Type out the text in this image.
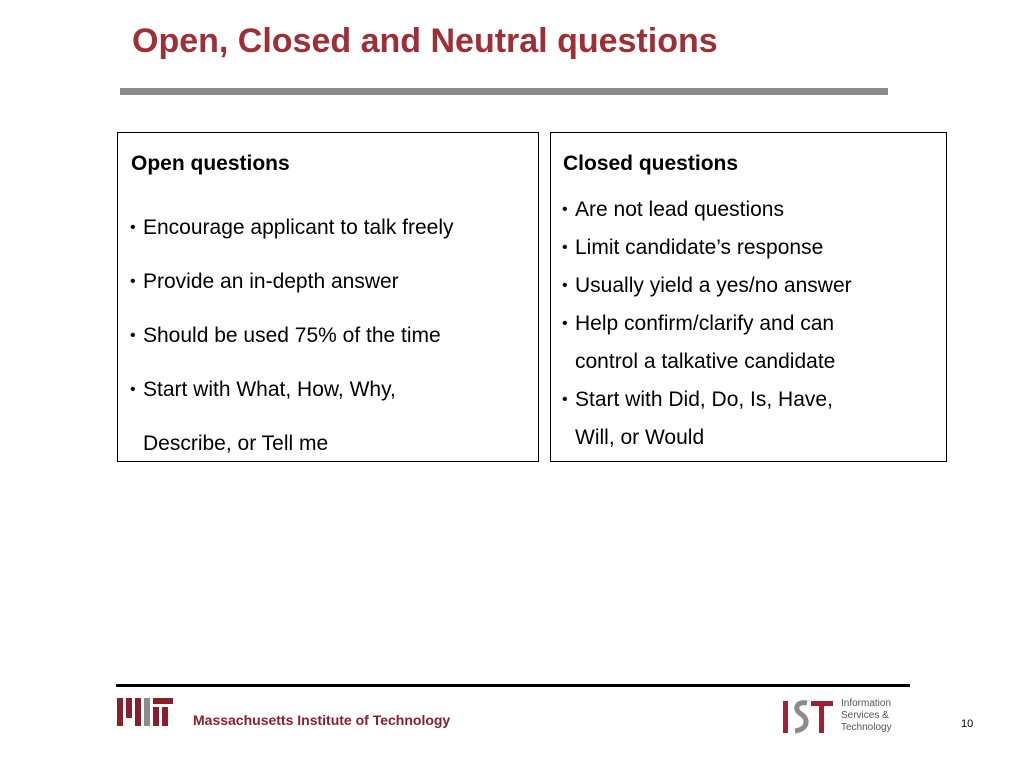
Open, Closed and Neutral questions
Open questions
• Encourage applicant to talk freely
• Provide an in-depth answer
• Should be used 75% of the time
• Start with What, How, Why,
Describe, or Tell me
Closed questions
• Are not lead questions
• Limit candidate’s response
• Usually yield a yes/no answer
• Help confirm/clarify and can
control a talkative candidate
• Start with Did, Do, Is, Have,
Will, or Would
Massachusetts Institute of Technology
Information
Services &
Technology	10
